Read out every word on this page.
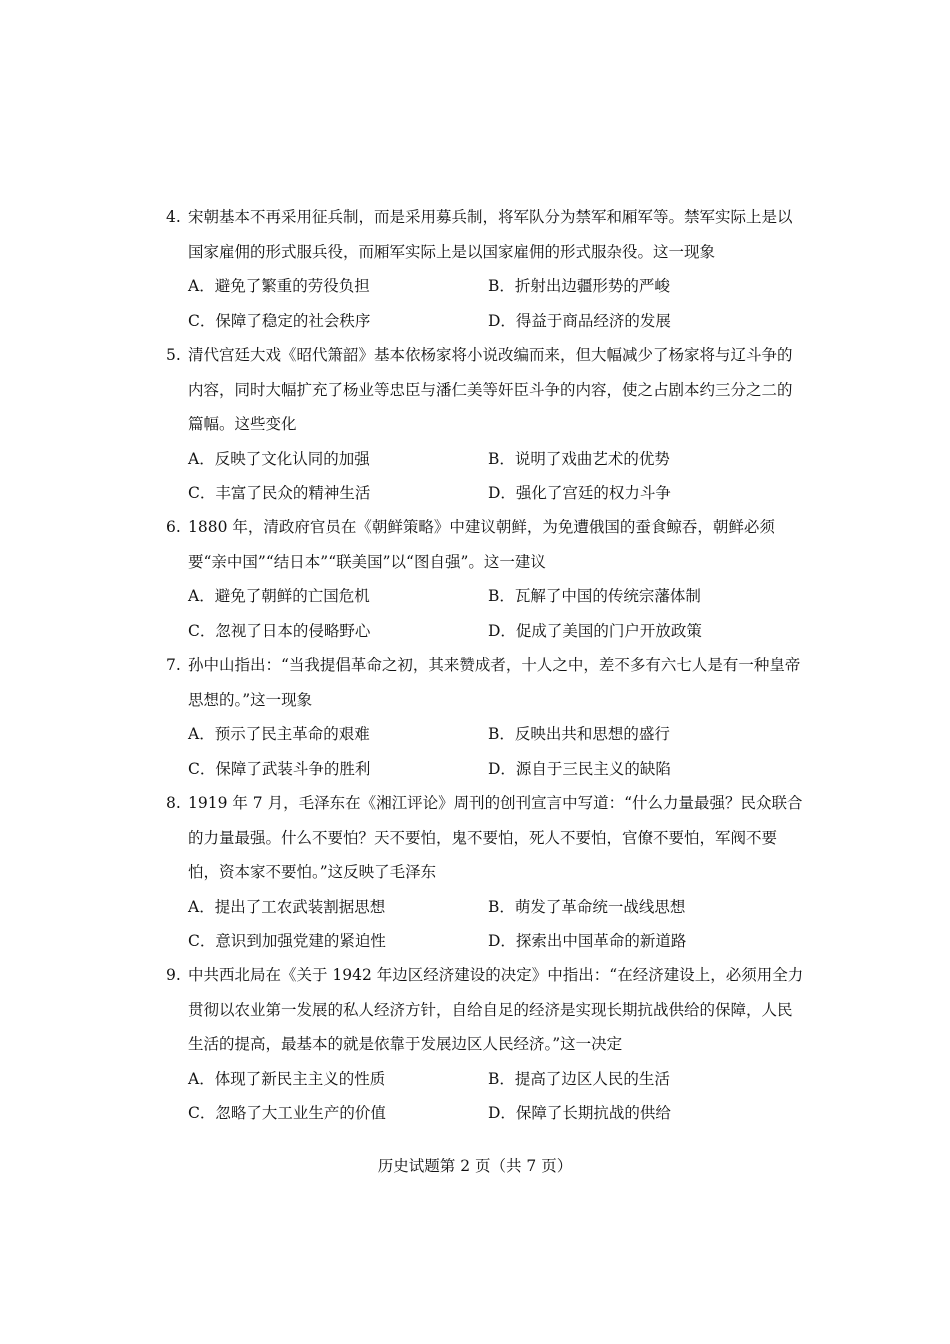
4. 宋朝基本不再采用征兵制，而是采用募兵制，将军队分为禁军和厢军等。禁军实际上是以国家雇佣的形式服兵役，而厢军实际上是以国家雇佣的形式服杂役。这一现象
A．避免了繁重的劳役负担	B．折射出边疆形势的严峻
C．保障了稳定的社会秩序	D．得益于商品经济的发展
5. 清代宫廷大戏《昭代箫韶》基本依杨家将小说改编而来，但大幅减少了杨家将与辽斗争的内容，同时大幅扩充了杨业等忠臣与潘仁美等奸臣斗争的内容，使之占剧本约三分之二的篇幅。这些变化
A．反映了文化认同的加强	B．说明了戏曲艺术的优势
C．丰富了民众的精神生活	D．强化了宫廷的权力斗争
6. 1880 年，清政府官员在《朝鲜策略》中建议朝鲜，为免遭俄国的蚕食鲸吞，朝鲜必须要“亲中国”“结日本”“联美国”以“图自强”。这一建议
A．避免了朝鲜的亡国危机	B．瓦解了中国的传统宗藩体制
C．忽视了日本的侵略野心	D．促成了美国的门户开放政策
7. 孙中山指出：“当我提倡革命之初，其来赞成者，十人之中，差不多有六七人是有一种皇帝思想的。”这一现象
A．预示了民主革命的艰难	B．反映出共和思想的盛行
C．保障了武装斗争的胜利	D．源自于三民主义的缺陷
8. 1919 年 7 月，毛泽东在《湘江评论》周刊的创刊宣言中写道：“什么力量最强？民众联合的力量最强。什么不要怕？天不要怕，鬼不要怕，死人不要怕，官僚不要怕，军阀不要怕，资本家不要怕。”这反映了毛泽东
A．提出了工农武装割据思想	B．萌发了革命统一战线思想
C．意识到加强党建的紧迫性	D．探索出中国革命的新道路
9. 中共西北局在《关于 1942 年边区经济建设的决定》中指出：“在经济建设上，必须用全力贯彻以农业第一发展的私人经济方针，自给自足的经济是实现长期抗战供给的保障，人民生活的提高，最基本的就是依靠于发展边区人民经济。”这一决定
A．体现了新民主主义的性质	B．提高了边区人民的生活
C．忽略了大工业生产的价值	D．保障了长期抗战的供给
历史试题第 2 页（共 7 页）
